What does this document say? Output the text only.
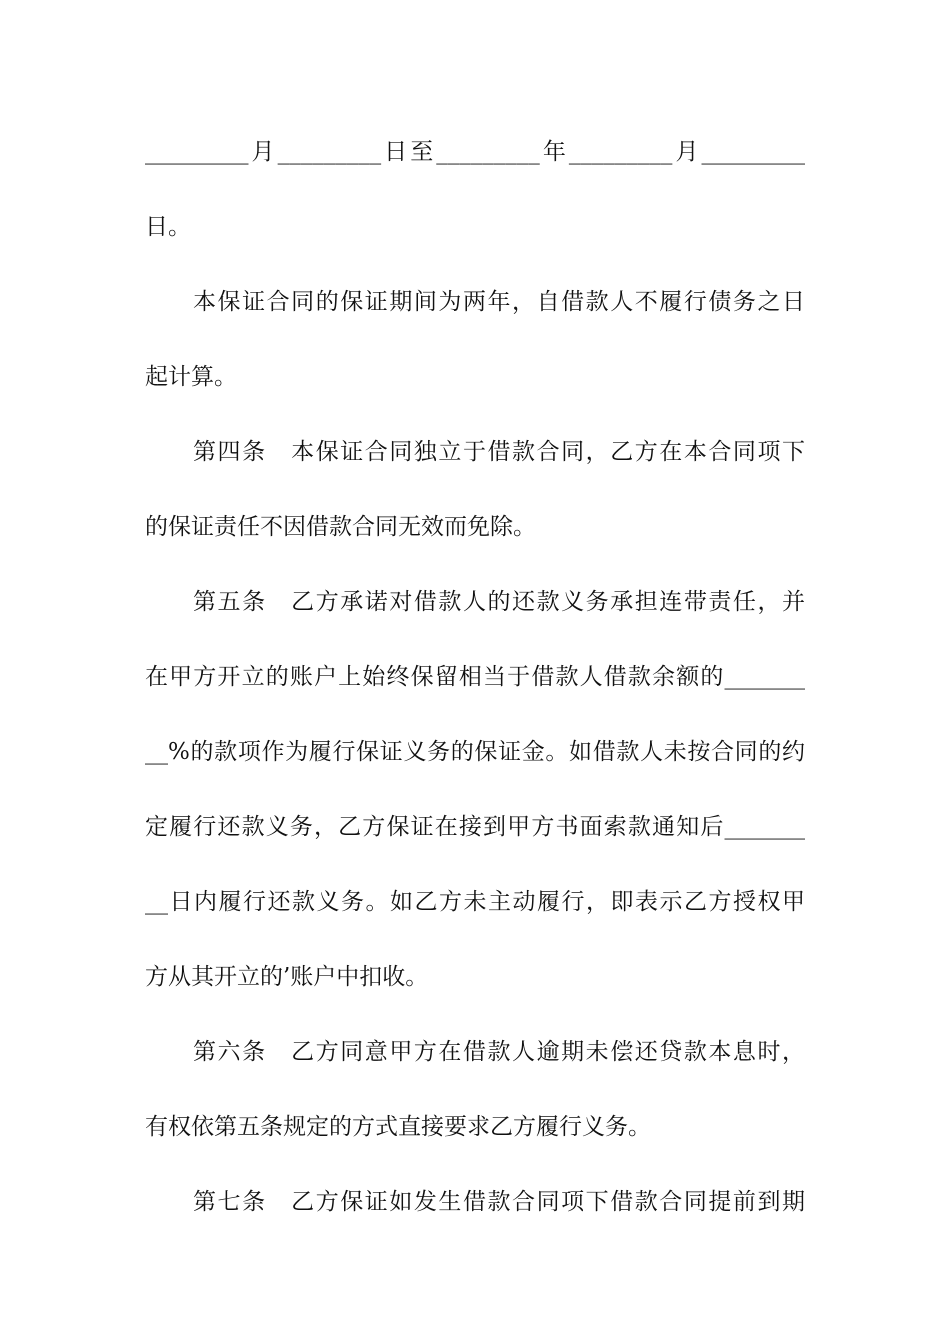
_________月_________日至_________年_________月_________
日。
本保证合同的保证期间为两年，自借款人不履行债务之日
起计算。
第四条　本保证合同独立于借款合同，乙方在本合同项下
的保证责任不因借款合同无效而免除。
第五条　乙方承诺对借款人的还款义务承担连带责任，并
在甲方开立的账户上始终保留相当于借款人借款余额的_______
__%的款项作为履行保证义务的保证金。如借款人未按合同的约
定履行还款义务，乙方保证在接到甲方书面索款通知后_______
__日内履行还款义务。如乙方未主动履行，即表示乙方授权甲
方从其开立的’账户中扣收。
第六条　乙方同意甲方在借款人逾期未偿还贷款本息时，
有权依第五条规定的方式直接要求乙方履行义务。
第七条　乙方保证如发生借款合同项下借款合同提前到期
